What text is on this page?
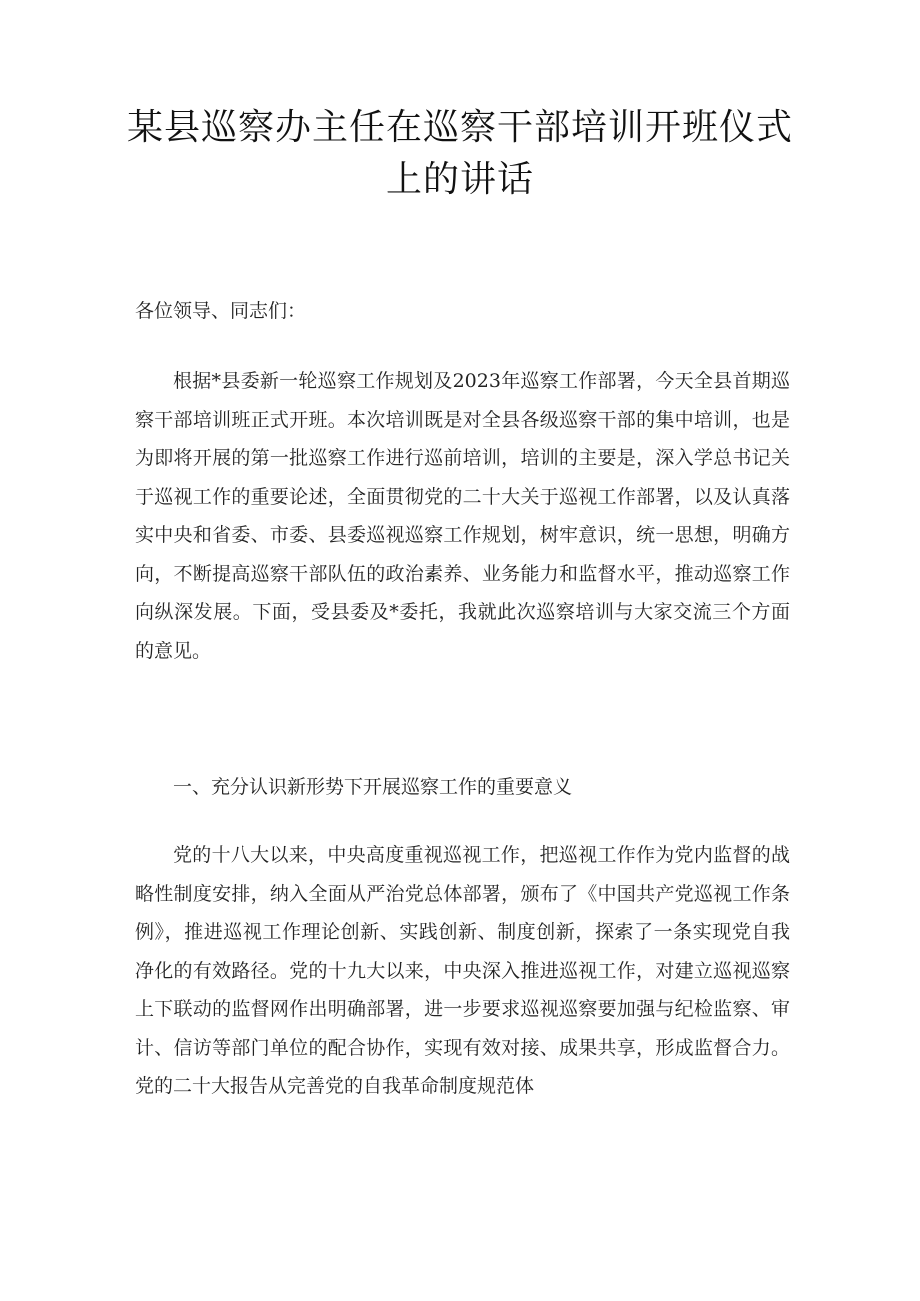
某县巡察办主任在巡察干部培训开班仪式上的讲话
各位领导、同志们：

根据*县委新一轮巡察工作规划及2023年巡察工作部署，今天全县首期巡察干部培训班正式开班。本次培训既是对全县各级巡察干部的集中培训，也是为即将开展的第一批巡察工作进行巡前培训，培训的主要是，深入学总书记关于巡视工作的重要论述，全面贯彻党的二十大关于巡视工作部署，以及认真落实中央和省委、市委、县委巡视巡察工作规划，树牢意识，统一思想，明确方向，不断提高巡察干部队伍的政治素养、业务能力和监督水平，推动巡察工作向纵深发展。下面，受县委及*委托，我就此次巡察培训与大家交流三个方面的意见。

一、充分认识新形势下开展巡察工作的重要意义

党的十八大以来，中央高度重视巡视工作，把巡视工作作为党内监督的战略性制度安排，纳入全面从严治党总体部署，颁布了《中国共产党巡视工作条例》，推进巡视工作理论创新、实践创新、制度创新，探索了一条实现党自我净化的有效路径。党的十九大以来，中央深入推进巡视工作，对建立巡视巡察上下联动的监督网作出明确部署，进一步要求巡视巡察要加强与纪检监察、审计、信访等部门单位的配合协作，实现有效对接、成果共享，形成监督合力。党的二十大报告从完善党的自我革命制度规范体
